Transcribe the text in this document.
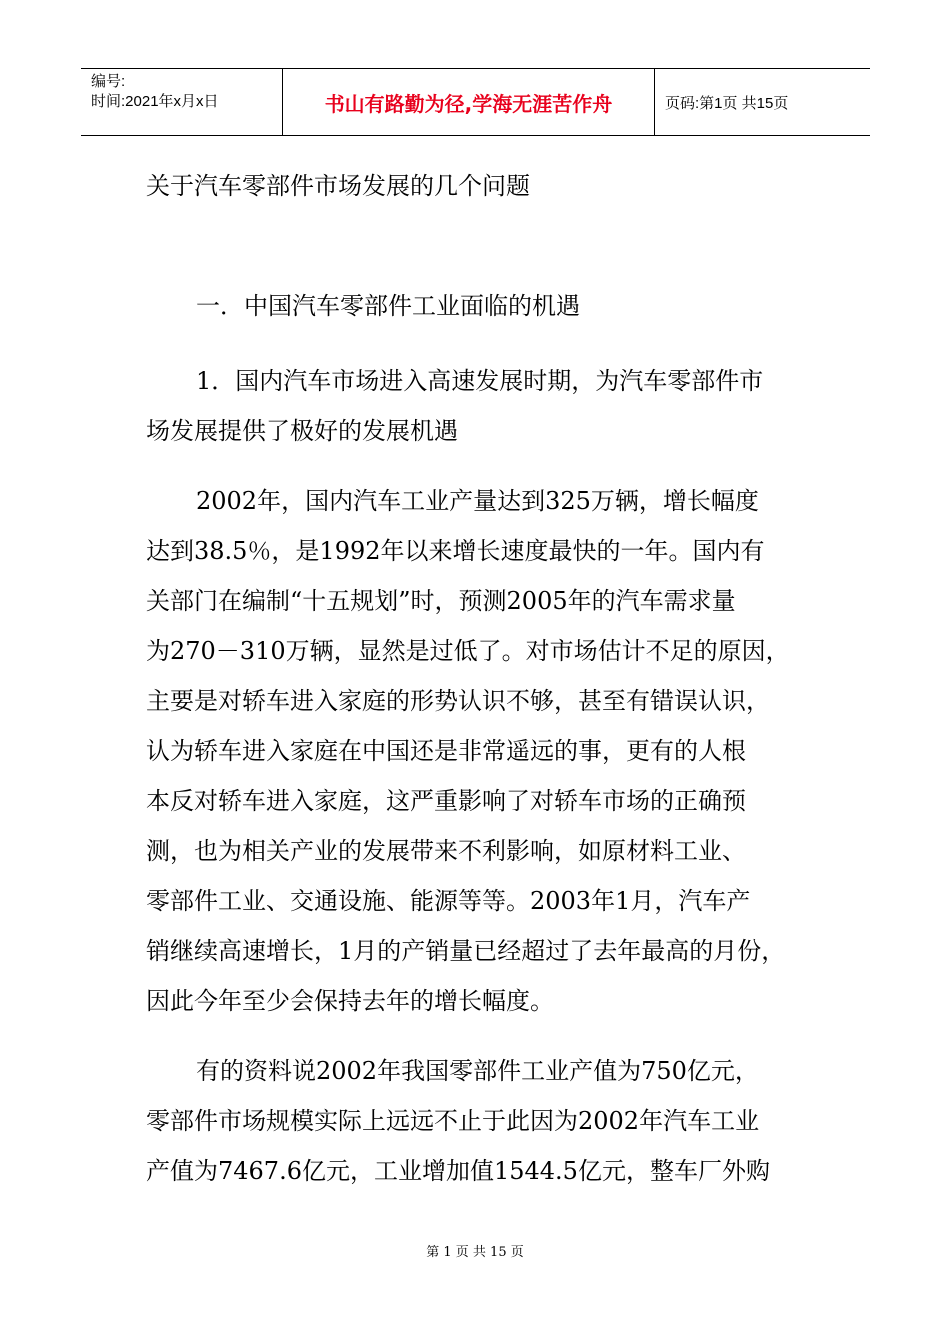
编号:
时间:2021年x月x日	书山有路勤为径,学海无涯苦作舟	页码:第1页 共15页
关于汽车零部件市场发展的几个问题
一．中国汽车零部件工业面临的机遇
1．国内汽车市场进入高速发展时期，为汽车零部件市
场发展提供了极好的发展机遇
2002年，国内汽车工业产量达到325万辆，增长幅度
达到38.5％，是1992年以来增长速度最快的一年。国内有
关部门在编制“十五规划”时，预测2005年的汽车需求量
为270－310万辆，显然是过低了。对市场估计不足的原因，
主要是对轿车进入家庭的形势认识不够，甚至有错误认识，
认为轿车进入家庭在中国还是非常遥远的事，更有的人根
本反对轿车进入家庭，这严重影响了对轿车市场的正确预
测，也为相关产业的发展带来不利影响，如原材料工业、
零部件工业、交通设施、能源等等。2003年1月，汽车产
销继续高速增长，1月的产销量已经超过了去年最高的月份，
因此今年至少会保持去年的增长幅度。
有的资料说2002年我国零部件工业产值为750亿元，
零部件市场规模实际上远远不止于此因为2002年汽车工业
产值为7467.6亿元，工业增加值1544.5亿元，整车厂外购
第 1 页 共 15 页
